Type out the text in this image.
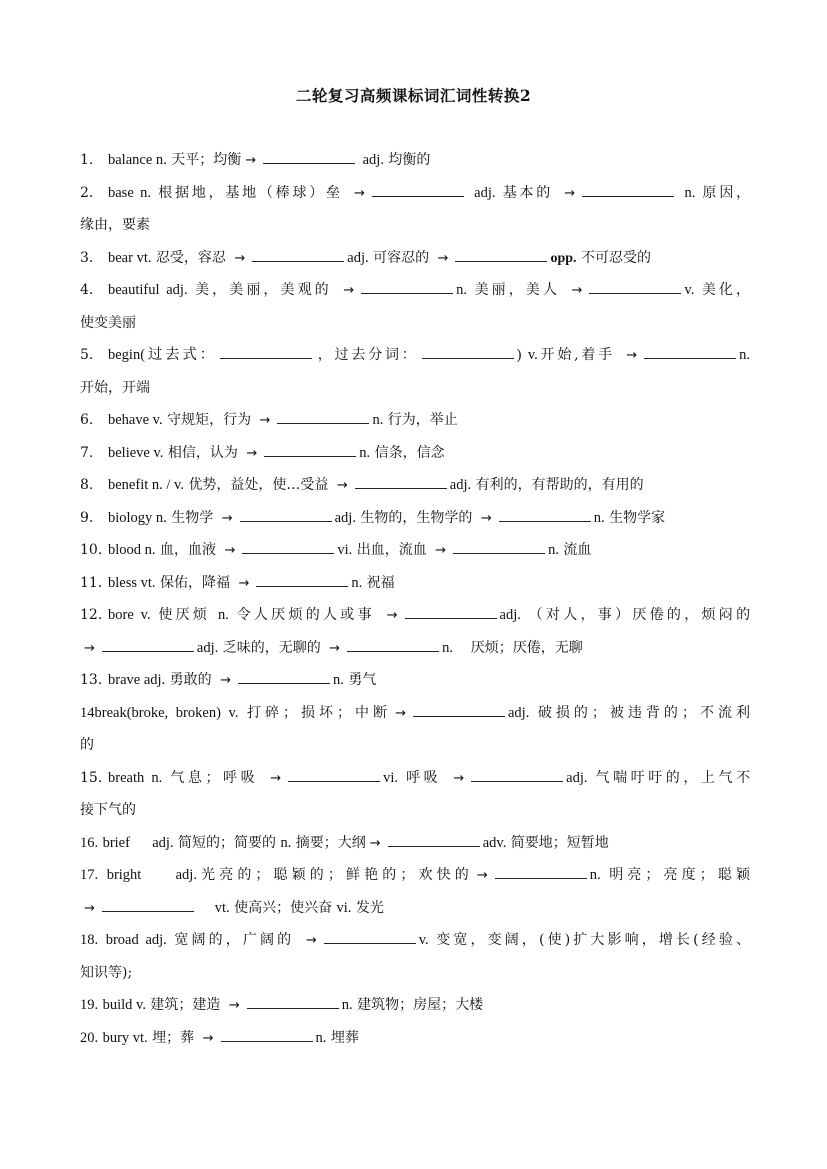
二轮复习高频课标词汇词性转换2
1. balance n. 天平；均衡 →	adj. 均衡的
2. base n. 根据地，基地（棒球）垒 →	adj. 基本的 →	n. 原因，
缘由，要素
3. bear vt. 忍受，容忍 →	adj. 可容忍的 →	opp. 不可忍受的
4. beautiful adj. 美，美丽，美观的 →	n. 美丽，美人 →	v. 美化，
使变美丽
5. begin(过去式：	，过去分词：	) v.开始,着手 →	n.
开始，开端
6. behave v. 守规矩，行为 →	n. 行为，举止
7. believe v. 相信，认为 →	n. 信条，信念
8. benefit n. / v. 优势，益处，使…受益 →	adj. 有利的，有帮助的，有用的
9. biology n. 生物学 →	adj. 生物的，生物学的 →	n. 生物学家
10. blood n. 血，血液 →	vi. 出血，流血 →	n. 流血
11. bless vt. 保佑，降福 →	n. 祝福
12. bore v. 使厌烦 n. 令人厌烦的人或事 →	adj. （对人，事）厌倦的，烦闷的
→	adj. 乏味的，无聊的 →	n. 厌烦；厌倦，无聊
13. brave adj. 勇敢的 →	n. 勇气
14break(broke, broken) v. 打碎；损坏；中断 →	adj. 破损的；被违背的；不流利
的
15. breath n. 气息；呼吸 →	vi. 呼吸 →	adj. 气喘吁吁的，上气不
接下气的
16. brief adj. 简短的；简要的 n. 摘要；大纲 →	adv. 简要地；短暂地
17. bright adj.光亮的；聪颖的；鲜艳的；欢快的 →	n. 明亮；亮度；聪颖
→	vt. 使高兴；使兴奋 vi. 发光
18. broad adj. 宽阔的，广阔的 →	v. 变宽，变阔，(使)扩大影响，增长(经验、
知识等);
19. build v. 建筑；建造 →	n. 建筑物；房屋；大楼
20. bury vt. 埋；葬 →	n. 埋葬
